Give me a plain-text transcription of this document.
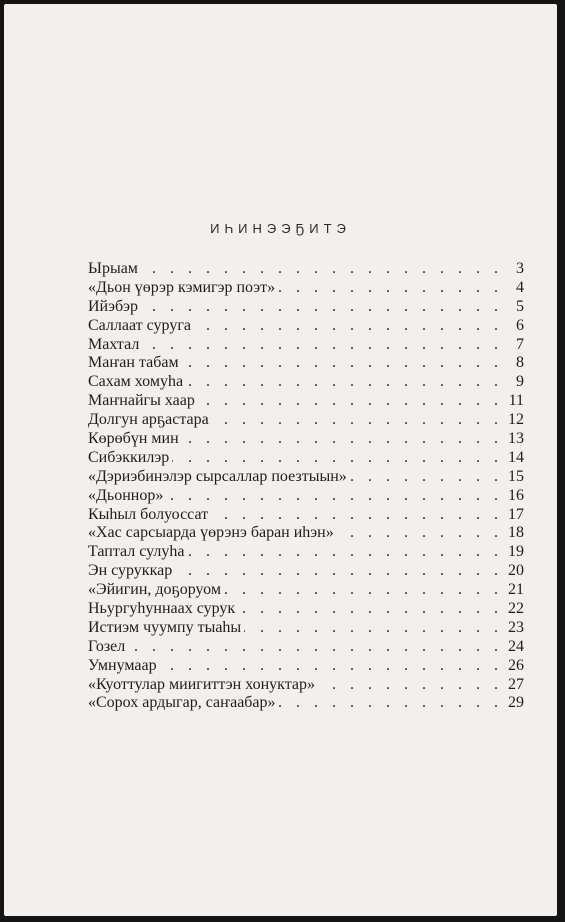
ИҺИНЭЭҔИТЭ
Ырыам . . .	3
«Дьон үөрэр кэмигэр поэт» . . .	4
Ийэбэр . . .	5
Саллаат суруга . . .	6
Махтал . . .	7
Маҥан табам . . .	8
Сахам хомуһа . . .	9
Маҥнайгы хаар . . .	11
Долгун арҕастара . . .	12
Көрөбүн мин . . .	13
Сибэккилэр . . .	14
«Дэриэбинэлэр сырсаллар поезтыын» . . .	15
«Дьоннор» . . .	16
Кыһыл болуоссат . . .	17
«Хас сарсыарда үөрэнэ баран иһэн» . . .	18
Таптал сулуһа . . .	19
Эн суруккар . . .	20
«Эйигин, доҕоруом . . .	21
Ньургуһуннаах сурук . . .	22
Истиэм чуумпу тыаһы . . .	23
Гозел . . .	24
Умнумаар . . .	26
«Куоттулар миигиттэн хонуктар» . . .	27
«Сорох ардыгар, саҥаабар» . . .	29
